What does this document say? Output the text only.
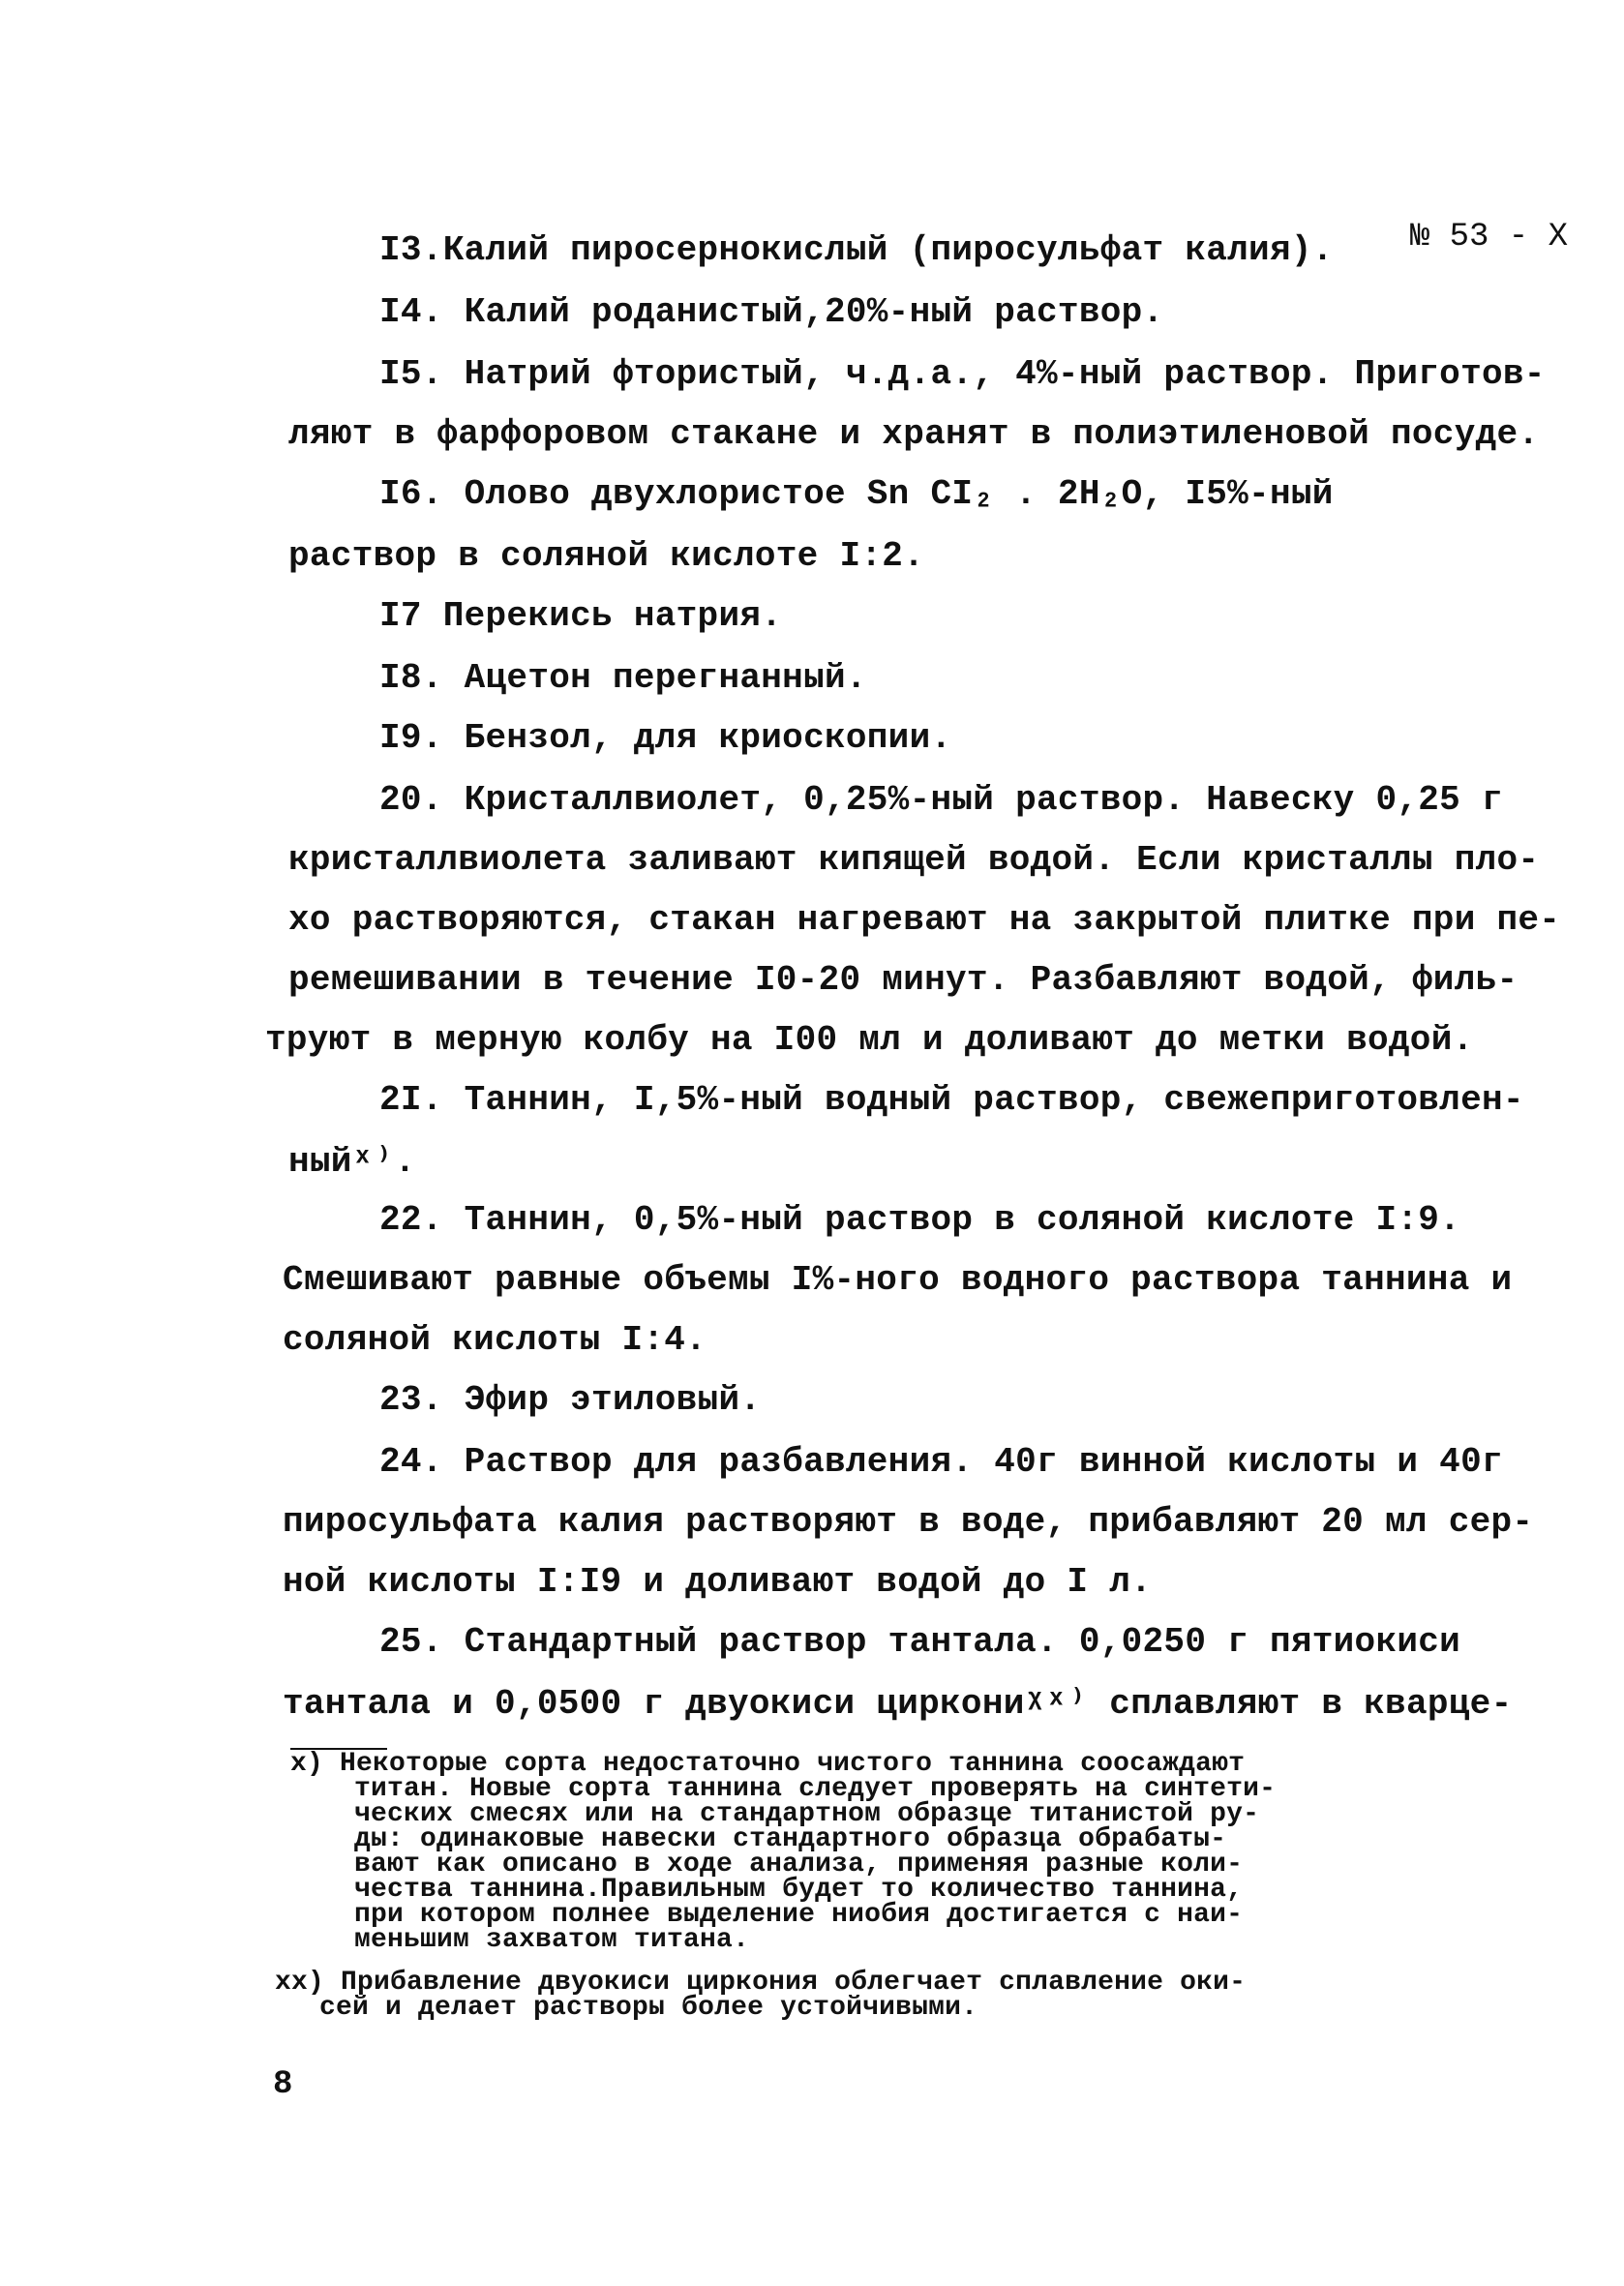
№ 53 - Х
I3.Калий пиросернокислый (пиросульфат калия).
I4. Калий роданистый,20%-ный раствор.
I5. Натрий фтористый, ч.д.а., 4%-ный раствор. Приготов-
ляют в фарфоровом стакане и хранят в полиэтиленовой посуде.
I6. Олово двухлористое Sn CI₂ . 2H₂O, I5%-ный
раствор в соляной кислоте I:2.
I7 Перекись натрия.
I8. Ацетон перегнанный.
I9. Бензол, для криоскопии.
20. Кристаллвиолет, 0,25%-ный раствор. Навеску 0,25 г
кристаллвиолета заливают кипящей водой. Если кристаллы пло-
хо растворяются, стакан нагревают на закрытой плитке при пе-
ремешивании в течение I0-20 минут. Разбавляют водой, филь-
труют в мерную колбу на I00 мл и доливают до метки водой.
2I. Таннин, I,5%-ный водный раствор, свежеприготовлен-
ныйˣ⁾.
22. Таннин, 0,5%-ный раствор в соляной кислоте I:9.
Смешивают равные объемы I%-ного водного раствора таннина и
соляной кислоты I:4.
23. Эфир этиловый.
24. Раствор для разбавления. 40г винной кислоты и 40г
пиросульфата калия растворяют в воде, прибавляют 20 мл сер-
ной кислоты I:I9 и доливают водой до I л.
25. Стандартный раствор тантала. 0,0250 г пятиокиси
тантала и 0,0500 г двуокиси циркониᵡˣ⁾ сплавляют в кварце-
х) Некоторые сорта недостаточно чистого таннина соосаждают
титан. Новые сорта таннина следует проверять на синтети-
ческих смесях или на стандартном образце титанистой ру-
ды: одинаковые навески стандартного образца обрабаты-
вают как описано в ходе анализа, применяя разные коли-
чества таннина.Правильным будет то количество таннина,
при котором полнее выделение ниобия достигается с наи-
меньшим захватом титана.
хх) Прибавление двуокиси циркония облегчает сплавление оки-
сей и делает растворы более устойчивыми.
8
